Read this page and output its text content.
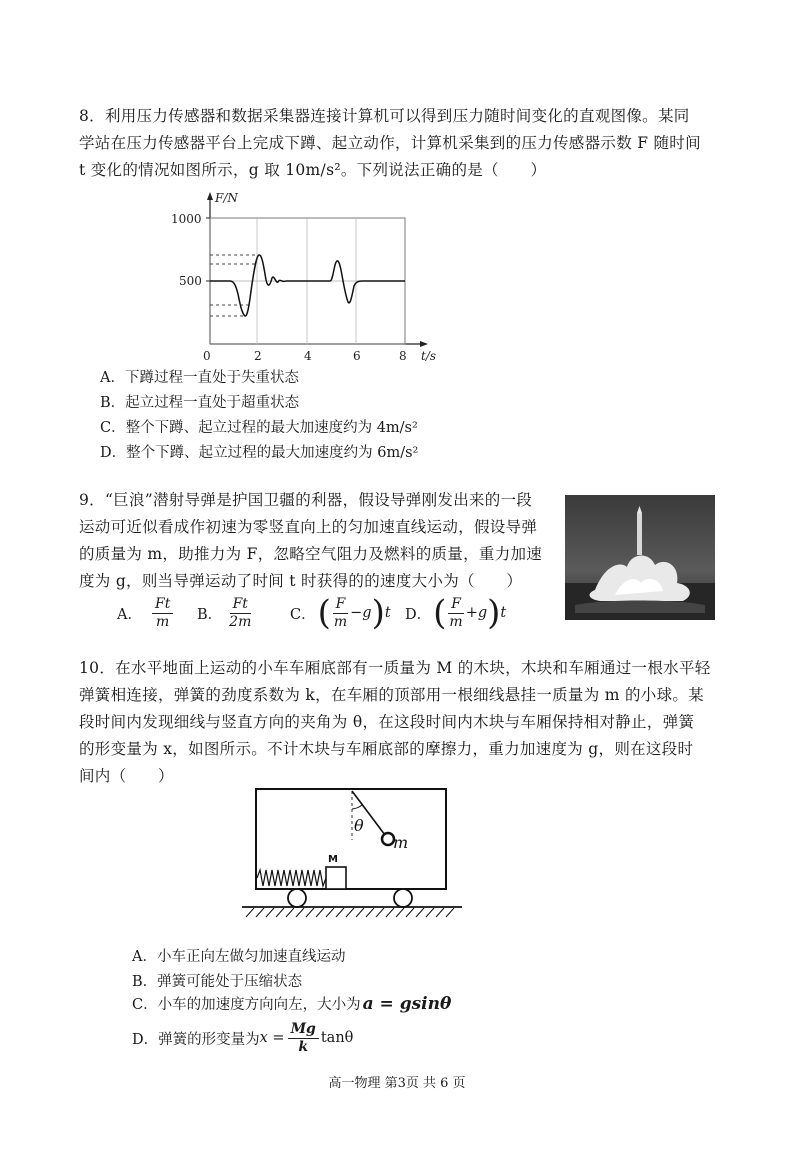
8．利用压力传感器和数据采集器连接计算机可以得到压力随时间变化的直观图像。某同
学站在压力传感器平台上完成下蹲、起立动作，计算机采集到的压力传感器示数 F 随时间
t 变化的情况如图所示，g 取 10m/s²。下列说法正确的是（　　）
F/N
1000
500
0	2	4	6	8 t/s
A．下蹲过程一直处于失重状态
B．起立过程一直处于超重状态
C．整个下蹲、起立过程的最大加速度约为 4m/s²
D．整个下蹲、起立过程的最大加速度约为 6m/s²
9．“巨浪”潜射导弹是护国卫疆的利器，假设导弹刚发出来的一段
运动可近似看成作初速为零竖直向上的匀加速直线运动，假设导弹
的质量为 m，助推力为 F，忽略空气阻力及燃料的质量，重力加速
度为 g，则当导弹运动了时间 t 时获得的的速度大小为（　　）
A． $\frac{Ft}{m}$ B． $\frac{Ft}{2m}$ C． ( $\frac{F}{m} -g$ ) t D． ( $\frac{F}{m} +g$ ) t
10．在水平地面上运动的小车车厢底部有一质量为 M 的木块，木块和车厢通过一根水平轻
弹簧相连接，弹簧的劲度系数为 k，在车厢的顶部用一根细线悬挂一质量为 m 的小球。某
段时间内发现细线与竖直方向的夹角为 θ，在这段时间内木块与车厢保持相对静止，弹簧
的形变量为 x，如图所示。不计木块与车厢底部的摩擦力，重力加速度为 g，则在这段时
间内（　　）
m
θ
M
A．小车正向左做匀加速直线运动
B．弹簧可能处于压缩状态
C．小车的加速度方向向左，大小为 a = gsinθ
D．弹簧的形变量为 $x = \frac{Mg}{k}$ tanθ
高一物理 第3页 共 6 页
